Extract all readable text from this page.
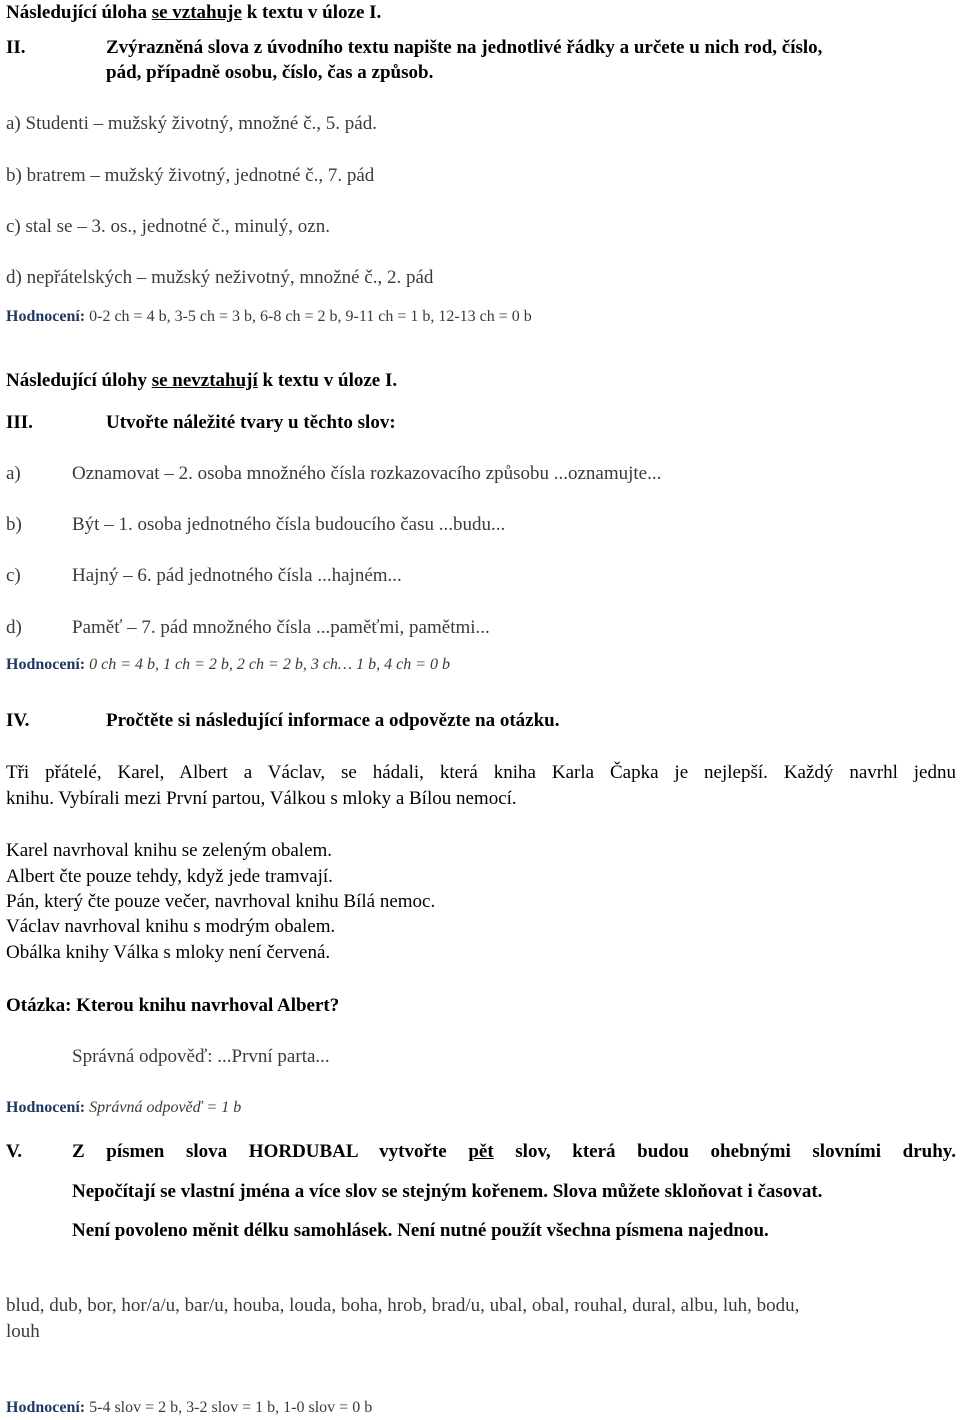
Následující úloha se vztahuje k textu v úloze I.
II.	Zvýrazněná slova z úvodního textu napište na jednotlivé řádky a určete u nich rod, číslo,
pád, případně osobu, číslo, čas a způsob.
a) Studenti – mužský životný, množné č., 5. pád.
b) bratrem – mužský životný, jednotné č., 7. pád
c) stal se – 3. os., jednotné č., minulý, ozn.
d) nepřátelských – mužský neživotný, množné č., 2. pád
Hodnocení: 0-2 ch = 4 b, 3-5 ch = 3 b, 6-8 ch = 2 b, 9-11 ch = 1 b, 12-13 ch = 0 b
Následující úlohy se nevztahují k textu v úloze I.
III.	Utvořte náležité tvary u těchto slov:
a)	Oznamovat – 2. osoba množného čísla rozkazovacího způsobu ...oznamujte...
b)	Být – 1. osoba jednotného čísla budoucího času ...budu...
c)	Hajný – 6. pád jednotného čísla ...hajném...
d)	Paměť – 7. pád množného čísla ...paměťmi, pamětmi...
Hodnocení: 0 ch = 4 b, 1 ch = 2 b, 2 ch = 2 b, 3 ch… 1 b, 4 ch = 0 b
IV.	Pročtěte si následující informace a odpovězte na otázku.
Tři přátelé, Karel, Albert a Václav, se hádali, která kniha Karla Čapka je nejlepší. Každý navrhl jednu
knihu. Vybírali mezi První partou, Válkou s mloky a Bílou nemocí.
Karel navrhoval knihu se zeleným obalem.
Albert čte pouze tehdy, když jede tramvají.
Pán, který čte pouze večer, navrhoval knihu Bílá nemoc.
Václav navrhoval knihu s modrým obalem.
Obálka knihy Válka s mloky není červená.
Otázka: Kterou knihu navrhoval Albert?
Správná odpověď: ...První parta...
Hodnocení: Správná odpověď = 1 b
V.	Z písmen slova HORDUBAL vytvořte pět slov, která budou ohebnými slovními druhy.
Nepočítají se vlastní jména a více slov se stejným kořenem. Slova můžete skloňovat i časovat.
Není povoleno měnit délku samohlásek. Není nutné použít všechna písmena najednou.
blud, dub, bor, hor/a/u, bar/u, houba, louda, boha, hrob, brad/u, ubal, obal, rouhal, dural, albu, luh, bodu,
louh
Hodnocení: 5-4 slov = 2 b, 3-2 slov = 1 b, 1-0 slov = 0 b
